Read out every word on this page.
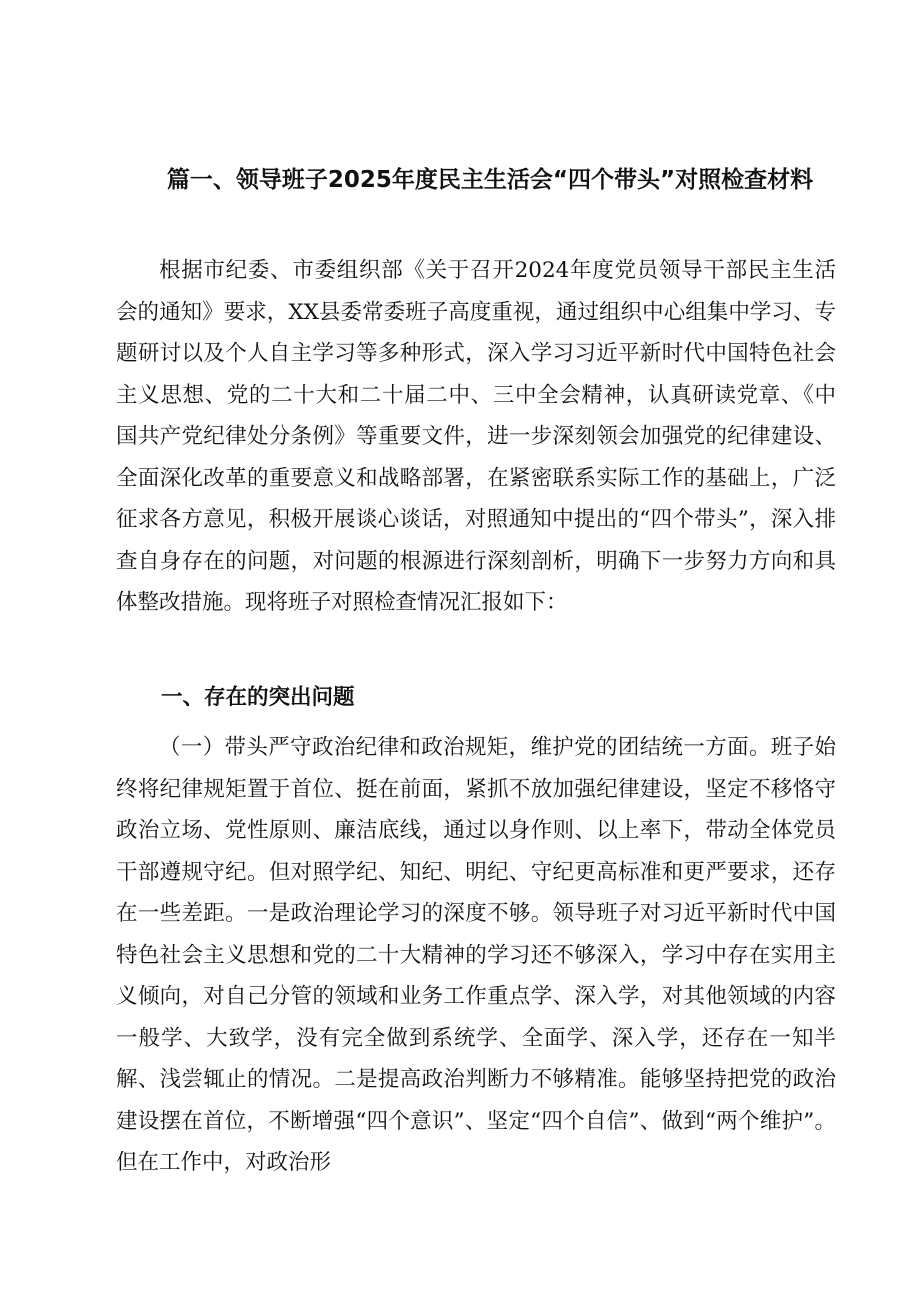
篇一、领导班子2025年度民主生活会“四个带头”对照检查材料

根据市纪委、市委组织部《关于召开2024年度党员领导干部民主生活会的通知》要求，XX县委常委班子高度重视，通过组织中心组集中学习、专题研讨以及个人自主学习等多种形式，深入学习习近平新时代中国特色社会主义思想、党的二十大和二十届二中、三中全会精神，认真研读党章、《中国共产党纪律处分条例》等重要文件，进一步深刻领会加强党的纪律建设、全面深化改革的重要意义和战略部署，在紧密联系实际工作的基础上，广泛征求各方意见，积极开展谈心谈话，对照通知中提出的“四个带头”，深入排查自身存在的问题，对问题的根源进行深刻剖析，明确下一步努力方向和具体整改措施。现将班子对照检查情况汇报如下：

一、存在的突出问题

（一）带头严守政治纪律和政治规矩，维护党的团结统一方面。班子始终将纪律规矩置于首位、挺在前面，紧抓不放加强纪律建设，坚定不移恪守政治立场、党性原则、廉洁底线，通过以身作则、以上率下，带动全体党员干部遵规守纪。但对照学纪、知纪、明纪、守纪更高标准和更严要求，还存在一些差距。一是政治理论学习的深度不够。领导班子对习近平新时代中国特色社会主义思想和党的二十大精神的学习还不够深入，学习中存在实用主义倾向，对自己分管的领域和业务工作重点学、深入学，对其他领域的内容一般学、大致学，没有完全做到系统学、全面学、深入学，还存在一知半解、浅尝辄止的情况。二是提高政治判断力不够精准。能够坚持把党的政治建设摆在首位，不断增强“四个意识”、坚定“四个自信”、做到“两个维护”。但在工作中，对政治形
